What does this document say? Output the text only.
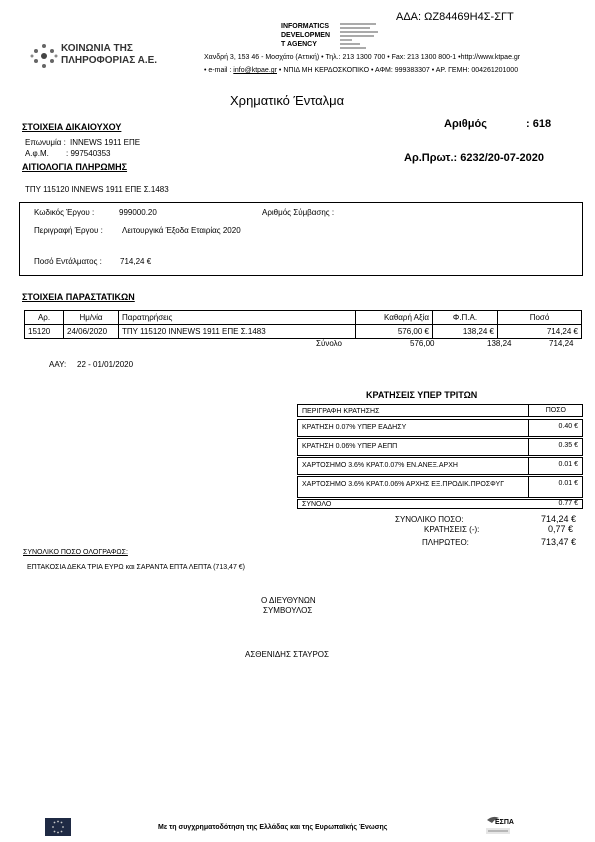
ΑΔΑ: ΩΖ84469Η4Σ-ΣΓΤ
ΚΟΙΝΩΝΙΑ ΤΗΣ
ΠΛΗΡΟΦΟΡΙΑΣ Α.Ε.
INFORMATICS
DEVELOPMEN
T AGENCY
Χανδρή 3, 153 46 - Μοσχάτο (Αττική) • Τηλ.: 213 1300 700 • Fax: 213 1300 800-1 •http://www.ktpae.gr
• e-mail : info@ktpae.gr • ΝΠΙΔ ΜΗ ΚΕΡΔΟΣΚΟΠΙΚΟ • ΑΦΜ: 999383307 • ΑΡ. ΓΕΜΗ: 004261201000
Χρηματικό Ένταλμα
ΣΤΟΙΧΕΙΑ ΔΙΚΑΙΟΥΧΟΥ	Αριθμός	: 618
Επωνυμία : INNEWS 1911 ΕΠΕ
Α.φ.Μ. : 997540353	Αρ.Πρωτ.: 6232/20-07-2020
ΑΙΤΙΟΛΟΓΙΑ ΠΛΗΡΩΜΗΣ
ΤΠΥ 115120 INNEWS 1911 ΕΠΕ Σ.1483
Κωδικός Έργου :	999000.20	Αριθμός Σύμβασης :
Περιγραφή Έργου : Λειτουργικά Έξοδα Εταιρίας 2020
Ποσό Εντάλματος : 714,24 €
ΣΤΟΙΧΕΙΑ ΠΑΡΑΣΤΑΤΙΚΩΝ
Αρ.	Ημ/νία	Παρατηρήσεις	Καθαρή Αξία	Φ.Π.Α.	Ποσό
15120	24/06/2020	ΤΠΥ 115120 INNEWS 1911 ΕΠΕ Σ.1483	576,00 €	138,24 €	714,24 €
Σύνολο	576,00	138,24	714,24
ΑΑΥ: 22 - 01/01/2020
ΚΡΑΤΗΣΕΙΣ ΥΠΕΡ ΤΡΙΤΩΝ
ΠΕΡΙΓΡΑΦΗ ΚΡΑΤΗΣΗΣ	ΠΟΣΟ
ΚΡΑΤΗΣΗ 0.07% ΥΠΕΡ ΕΑΔΗΣΥ	0.40 €
ΚΡΑΤΗΣΗ 0.06% ΥΠΕΡ ΑΕΠΠ	0.35 €
ΧΑΡΤΟΣΗΜΟ 3.6% ΚΡΑΤ.0.07% ΕΝ.ΑΝΕΞ.ΑΡΧΗ	0.01 €
ΧΑΡΤΟΣΗΜΟ 3.6% ΚΡΑΤ.0.06% ΑΡΧΗΣ ΕΞ.ΠΡΟΔΙΚ.ΠΡΟΣΦΥΓ	0.01 €
ΣΥΝΟΛΟ	0.77 €
ΣΥΝΟΛΙΚΟ ΠΟΣΟ:	714,24 €
ΚΡΑΤΗΣΕΙΣ (-):	0,77 €
ΠΛΗΡΩΤΕΟ:	713,47 €
ΣΥΝΟΛΙΚΟ ΠΟΣΟ ΟΛΟΓΡΑΦΩΣ:
ΕΠΤΑΚΟΣΙΑ ΔΕΚΑ ΤΡΙΑ ΕΥΡΩ και ΣΑΡΑΝΤΑ ΕΠΤΑ ΛΕΠΤΑ (713,47 €)
Ο ΔΙΕΥΘΥΝΩΝ
ΣΥΜΒΟΥΛΟΣ
ΑΣΘΕΝΙΔΗΣ ΣΤΑΥΡΟΣ
Με τη συγχρηματοδότηση της Ελλάδας και της Ευρωπαϊκής Ένωσης
ΕΣΠΑ
